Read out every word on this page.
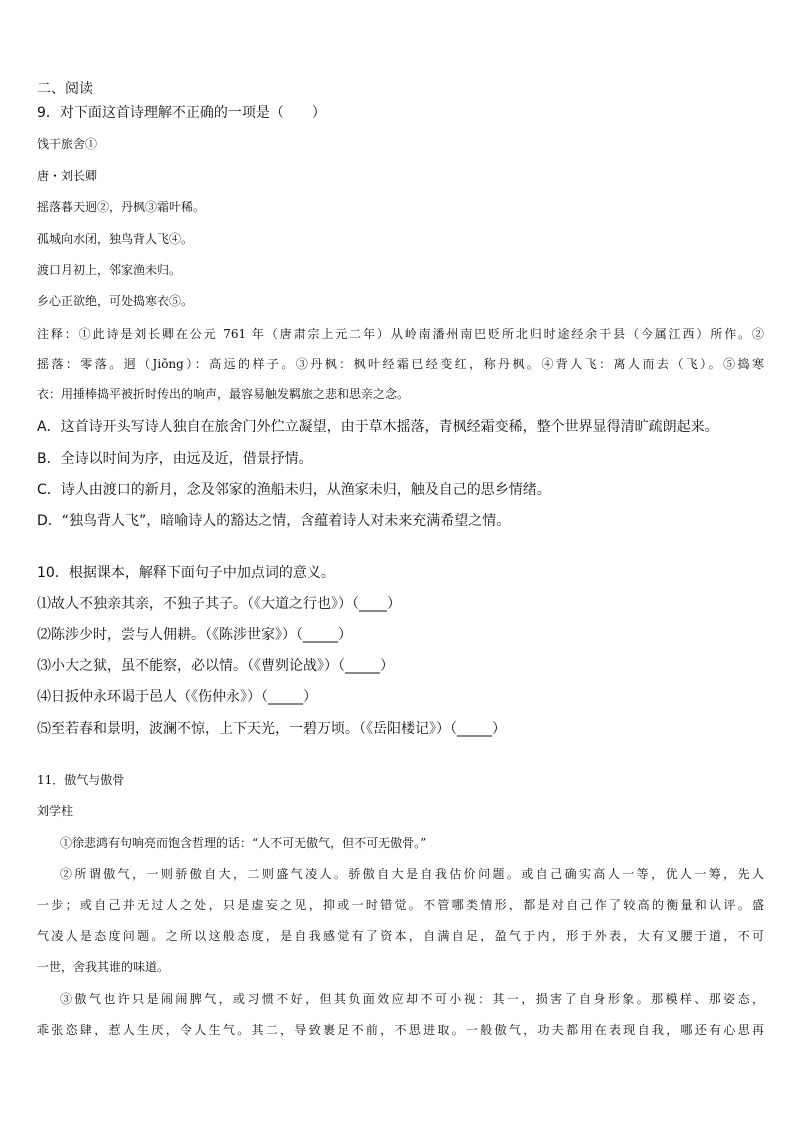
二、阅读
9．对下面这首诗理解不正确的一项是（　　）
饯干旅舍①
唐・刘长卿
摇落暮天迥②，丹枫③霜叶稀。
孤城向水闭，独鸟背人飞④。
渡口月初上，邻家渔未归。
乡心正欲绝，可处捣寒衣⑤。
注释：①此诗是刘长卿在公元 761 年（唐肃宗上元二年）从岭南潘州南巴贬所北归时途经余干县（今属江西）所作。②
摇落：零落。迥（Jiǒng）：高远的样子。③丹枫：枫叶经霜已经变红，称丹枫。④背人飞：离人而去（飞）。⑤捣寒
衣：用捶棒捣平被折时传出的响声，最容易触发羁旅之悲和思亲之念。
A．这首诗开头写诗人独自在旅舍门外伫立凝望，由于草木摇落，青枫经霜变稀，整个世界显得清旷疏朗起来。
B．全诗以时间为序，由远及近，借景抒情。
C．诗人由渡口的新月，念及邻家的渔船未归，从渔家未归，触及自己的思乡情绪。
D．“独鸟背人飞”，暗喻诗人的豁达之情，含蕴着诗人对未来充满希望之情。
10．根据课本，解释下面句子中加点词的意义。
⑴故人不独亲其亲，不独子其子。（《大道之行也》）（____）
⑵陈涉少时，尝与人佣耕。（《陈涉世家》）（_____）
⑶小大之狱，虽不能察，必以情。（《曹刿论战》）（_____）
⑷日扳仲永环谒于邑人（《伤仲永》）（_____）
⑸至若春和景明，波澜不惊，上下天光，一碧万顷。（《岳阳楼记》）（_____）
11．傲气与傲骨
刘学柱
①徐悲鸿有句响亮而饱含哲理的话：“人不可无傲气，但不可无傲骨。”
②所谓傲气，一则骄傲自大，二则盛气凌人。骄傲自大是自我估价问题。或自己确实高人一等，优人一筹，先人
一步；或自己并无过人之处，只是虚妄之见，抑或一时错觉。不管哪类情形，都是对自己作了较高的衡量和认评。盛
气凌人是态度问题。之所以这般态度，是自我感觉有了资本，自满自足，盈气于内，形于外表，大有叉腰于道，不可
一世，舍我其谁的味道。
③傲气也许只是闹闹脾气，或习惯不好，但其负面效应却不可小视：其一，损害了自身形象。那模样、那姿态，
乖张恣肆，惹人生厌，令人生气。其二，导致裹足不前，不思进取。一般傲气，功夫都用在表现自我，哪还有心思再
